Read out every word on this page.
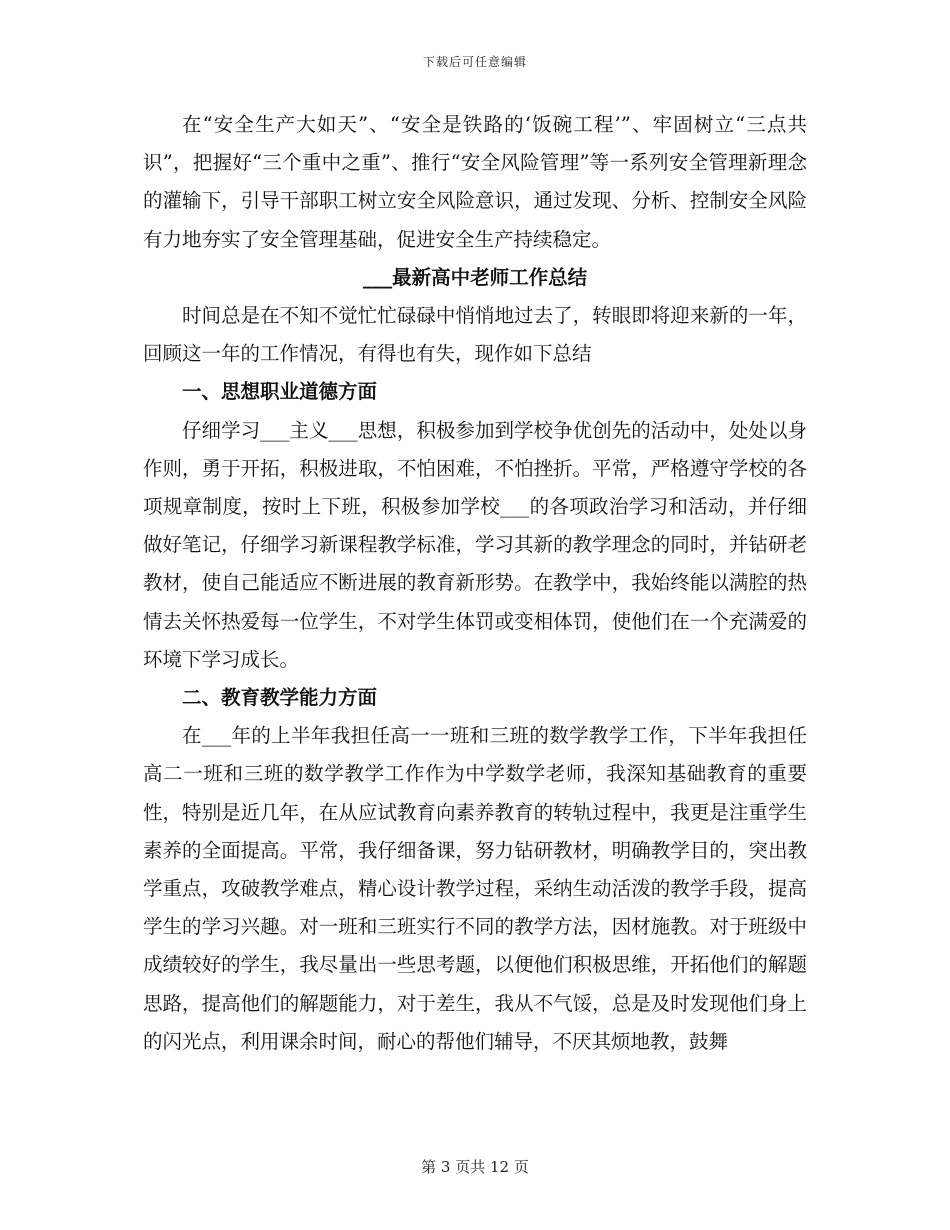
下载后可任意编辑

在“安全生产大如天”、“安全是铁路的‘饭碗工程’”、牢固树立“三点共识”，把握好“三个重中之重”、推行“安全风险管理”等一系列安全管理新理念的灌输下，引导干部职工树立安全风险意识，通过发现、分析、控制安全风险有力地夯实了安全管理基础，促进安全生产持续稳定。

___最新高中老师工作总结

时间总是在不知不觉忙忙碌碌中悄悄地过去了，转眼即将迎来新的一年，回顾这一年的工作情况，有得也有失，现作如下总结

一、思想职业道德方面

仔细学习___主义___思想，积极参加到学校争优创先的活动中，处处以身作则，勇于开拓，积极进取，不怕困难，不怕挫折。平常，严格遵守学校的各项规章制度，按时上下班，积极参加学校___的各项政治学习和活动，并仔细做好笔记，仔细学习新课程教学标准，学习其新的教学理念的同时，并钻研老教材，使自己能适应不断进展的教育新形势。在教学中，我始终能以满腔的热情去关怀热爱每一位学生，不对学生体罚或变相体罚，使他们在一个充满爱的环境下学习成长。

二、教育教学能力方面

在___年的上半年我担任高一一班和三班的数学教学工作，下半年我担任高二一班和三班的数学教学工作作为中学数学老师，我深知基础教育的重要性，特别是近几年，在从应试教育向素养教育的转轨过程中，我更是注重学生素养的全面提高。平常，我仔细备课，努力钻研教材，明确教学目的，突出教学重点，攻破教学难点，精心设计教学过程，采纳生动活泼的教学手段，提高学生的学习兴趣。对一班和三班实行不同的教学方法，因材施教。对于班级中成绩较好的学生，我尽量出一些思考题，以便他们积极思维，开拓他们的解题思路，提高他们的解题能力，对于差生，我从不气馁，总是及时发现他们身上的闪光点，利用课余时间，耐心的帮他们辅导，不厌其烦地教，鼓舞

第 3 页共 12 页
